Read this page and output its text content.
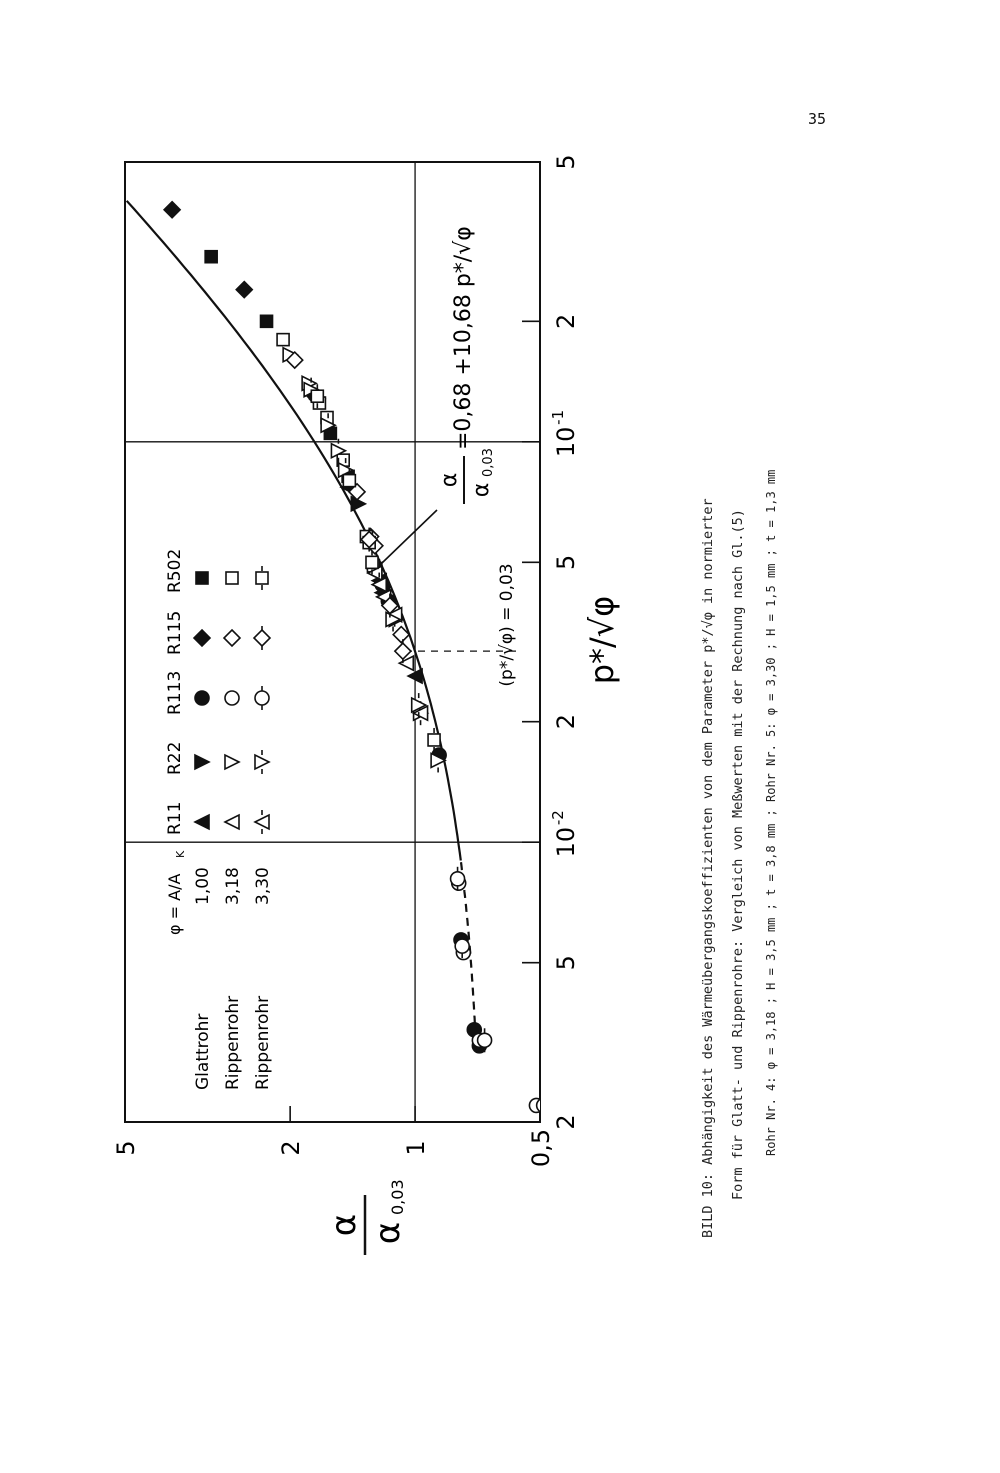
2
5
10
-2
2
5
10
-1
2
5
0,5
1
2
5
p*/√φ
α α
0,03
α
α
0,03
=0,68 +10,68 p*/√φ
(p*/√φ) = 0,03
φ = A/A
K
Glattrohr Rippenrohr Rippenrohr
1,00 3,18 3,30
R11
R22
R113
R115
R502
35
BILD 10: Abhängigkeit des Wärmeübergangskoeffizienten von dem Parameter p*/√φ in normierter Form für Glatt- und Rippenrohre: Vergleich von Meßwerten mit der Rechnung nach Gl.(5) Rohr Nr. 4: φ = 3,18 ; H = 3,5 mm ; t = 3,8 mm ; Rohr Nr. 5: φ = 3,30 ; H = 1,5 mm ; t = 1,3 mm
